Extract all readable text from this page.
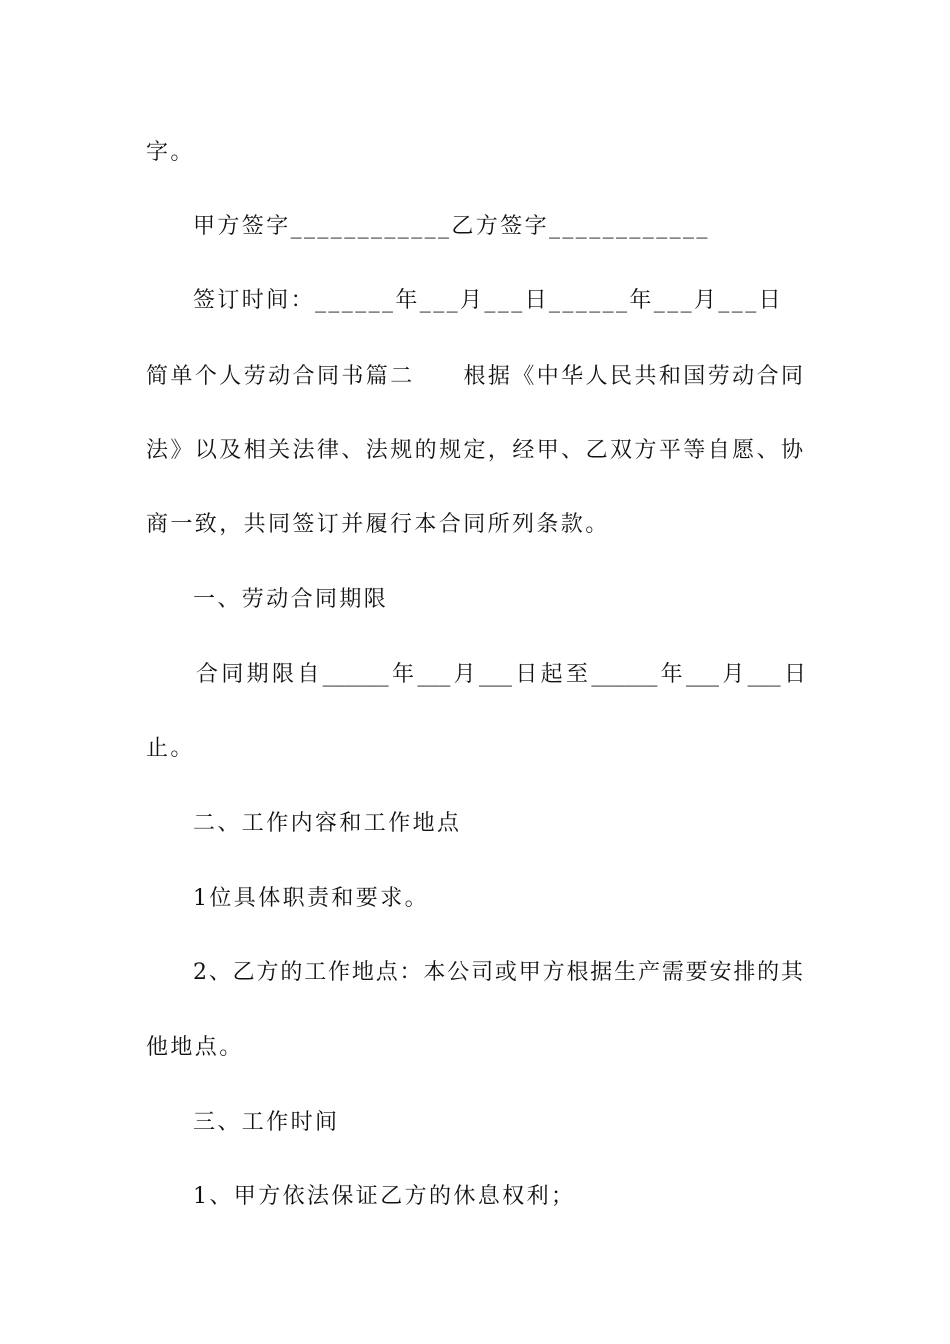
字。
甲方签字____________乙方签字____________
签订时间：______年___月___日______年___月___日
简单个人劳动合同书篇二　　根据《中华人民共和国劳动合同
法》以及相关法律、法规的规定，经甲、乙双方平等自愿、协
商一致，共同签订并履行本合同所列条款。
一、劳动合同期限
合同期限自______年___月___日起至______年___月___日
止。
二、工作内容和工作地点
1位具体职责和要求。
2、乙方的工作地点：本公司或甲方根据生产需要安排的其
他地点。
三、工作时间
1、甲方依法保证乙方的休息权利；
